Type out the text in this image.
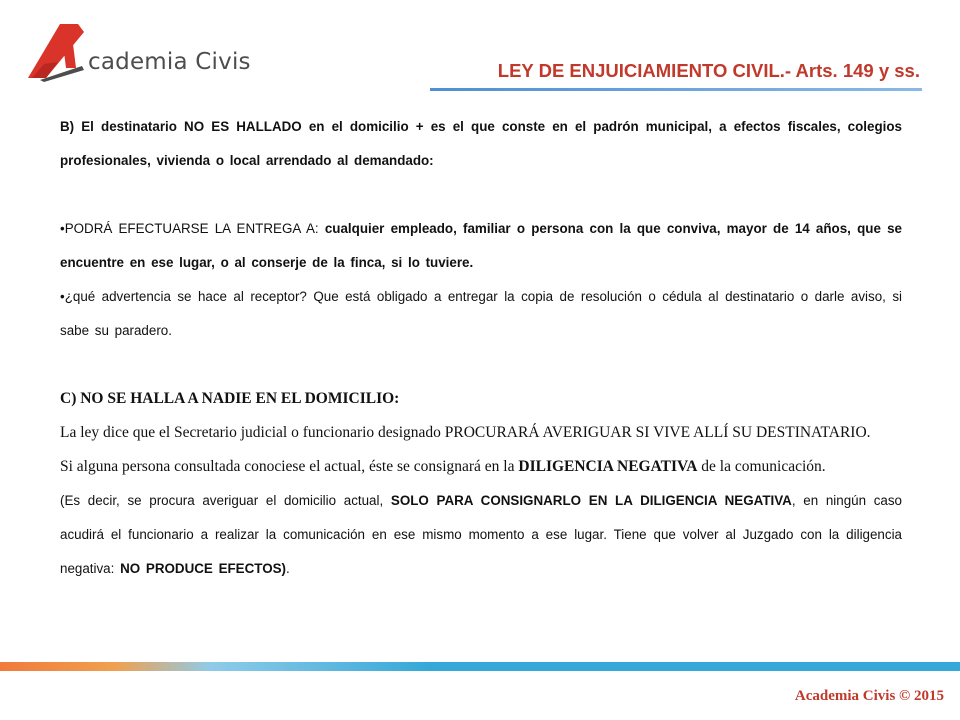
cademia Civis	LEY DE ENJUICIAMIENTO CIVIL.- Arts. 149 y ss.

B) El destinatario NO ES HALLADO en el domicilio + es el que conste en el padrón municipal, a efectos fiscales, colegios profesionales, vivienda o local arrendado al demandado:

•PODRÁ EFECTUARSE LA ENTREGA A: cualquier empleado, familiar o persona con la que conviva, mayor de 14 años, que se encuentre en ese lugar, o al conserje de la finca, si lo tuviere.

•¿qué advertencia se hace al receptor? Que está obligado a entregar la copia de resolución o cédula al destinatario o darle aviso, si sabe su paradero.

C) NO SE HALLA A NADIE EN EL DOMICILIO:

La ley dice que el Secretario judicial o funcionario designado PROCURARÁ AVERIGUAR SI VIVE ALLÍ SU DESTINATARIO.

Si alguna persona consultada conociese el actual, éste se consignará en la DILIGENCIA NEGATIVA de la comunicación.

(Es decir, se procura averiguar el domicilio actual, SOLO PARA CONSIGNARLO EN LA DILIGENCIA NEGATIVA, en ningún caso acudirá el funcionario a realizar la comunicación en ese mismo momento a ese lugar. Tiene que volver al Juzgado con la diligencia negativa: NO PRODUCE EFECTOS).

Academia Civis © 2015
